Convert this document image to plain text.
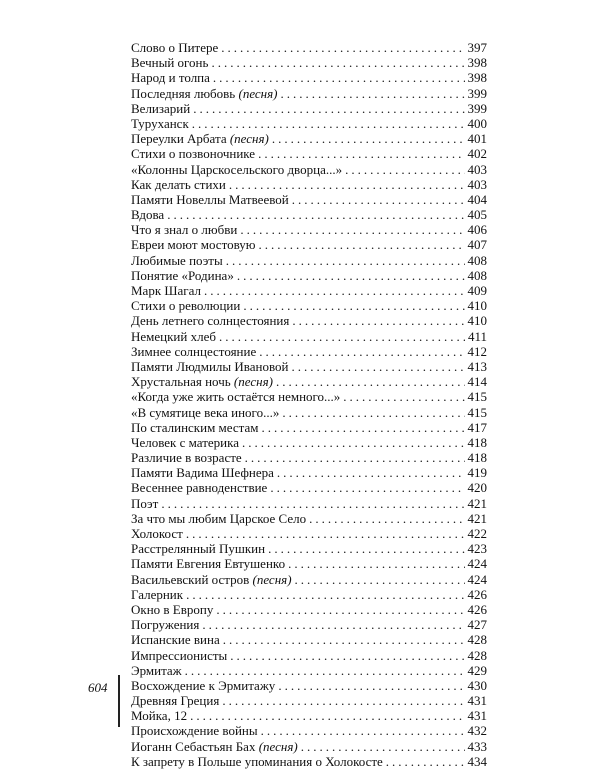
Слово о Питере .....	397
Вечный огонь .....	398
Народ и толпа .....	398
Последняя любовь (песня) .....	399
Велизарий .....	399
Туруханск .....	400
Переулки Арбата (песня) .....	401
Стихи о позвоночнике .....	402
«Колонны Царскосельского дворца...» .....	403
Как делать стихи .....	403
Памяти Новеллы Матвеевой .....	404
Вдова .....	405
Что я знал о любви .....	406
Евреи моют мостовую .....	407
Любимые поэты .....	408
Понятие «Родина» .....	408
Марк Шагал .....	409
Стихи о революции .....	410
День летнего солнцестояния .....	410
Немецкий хлеб .....	411
Зимнее солнцестояние .....	412
Памяти Людмилы Ивановой .....	413
Хрустальная ночь (песня) .....	414
«Когда уже жить остаётся немного...» .....	415
«В сумятице века иного...» .....	415
По сталинским местам .....	417
Человек с материка .....	418
Различие в возрасте .....	418
Памяти Вадима Шефнера .....	419
Весеннее равноденствие .....	420
Поэт .....	421
За что мы любим Царское Село .....	421
Холокост .....	422
Расстрелянный Пушкин .....	423
Памяти Евгения Евтушенко .....	424
Васильевский остров (песня) .....	424
Галерник .....	426
Окно в Европу .....	426
Погружения .....	427
Испанские вина .....	428
Импрессионисты .....	428
Эрмитаж .....	429
Восхождение к Эрмитажу .....	430
Древняя Греция .....	431
Мойка, 12 .....	431
Происхождение войны .....	432
Иоганн Себастьян Бах (песня) .....	433
К запрету в Польше упоминания о Холокосте .....	434
604
